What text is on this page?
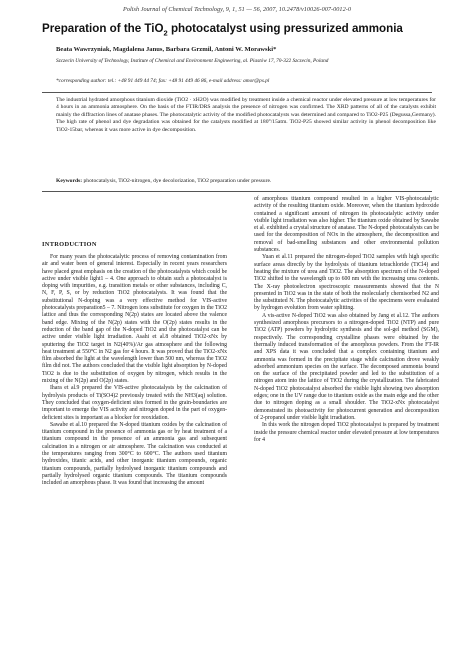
Polish Journal of Chemical Technology, 9, 1, 51 — 56, 2007, 10.2478/v10026-007-0012-0
Preparation of the TiO$_2$ photocatalyst using pressurized ammonia
Beata Wawrzyniak, Magdalena Janus, Barbara Grzmil, Antoni W. Morawski*
Szczecin University of Technology, Institute of Chemical and Environment Engineering, al. Piastów 17, 70-322 Szczecin, Poland
*corresponding author: tel.: +48 91 449 44 74; fax: +48 91 449 46 86, e-mail address: amor@ps.pl
The industrial hydrated amorphous titanium dioxide (TiO2 · xH2O) was modified by treatment inside a chemical reactor under elevated pressure at low temperatures for 4 hours in an ammonia atmosphere. On the basis of the FTIR/DRS analysis the presence of nitrogen was confirmed. The XRD patterns of all of the catalysts exhibit mainly the diffraction lines of anatase phases. The photocatalytic activity of the modified photocatalysts was determined and compared to TiO2-P25 (Degussa,Germany). The high rate of phenol and dye degradation was obtained for the catalysts modified at 180°/15atm. TiO2-P25 showed similar activity in phenol decomposition like TiO2-15bar, whereas it was more active in dye decomposition.
Keywords: photocatalysis, TiO2-nitrogen, dye decolorization, TiO2 preparation under pressure.
INTRODUCTION

For many years the photocatalytic process of removing contamination from air and water been of general interest. Especially in recent years researchers have placed great emphasis on the creation of the photocatalysts which could be active under visible light1 – 4. One approach to obtain such a photocatalyst is doping with impurities, e.g. transition metals or other substances, including C, N, F, P, S, or by reduction TiO2 photocatalysts. It was found that the substitutional N-doping was a very effective method for VIS-active photocatalysts preparation5 – 7. Nitrogen ions substitute for oxygen in the TiO2 lattice and thus the corresponding N(2p) states are located above the valence band edge. Mixing of the N(2p) states with the O(2p) states results in the reduction of the band gap of the N-doped TiO2 and the photocatalyst can be active under visible light irradiation. Asahi et al.8 obtained TiO2-xNx by sputtering the TiO2 target in N2(40%)/Ar gas atmosphere and the following heat treatment at 550°C in N2 gas for 4 hours. It was proved that the TiO2-xNx film absorbed the light at the wavelength lower than 500 nm, whereas the TiO2 film did not. The authors concluded that the visible light absorption by N-doped TiO2 is due to the substitution of oxygen by nitrogen, which results in the mixing of the N(2p) and O(2p) states.

Ihara et al.9 prepared the VIS-active photocatalysts by the calcination of hydrolysis products of Ti(SO4)2 previously treated with the NH3(aq) solution. They concluded that oxygen-deficient sites formed in the grain-boundaries are important to emerge the VIS activity and nitrogen doped in the part of oxygen-deficient sites is important as a blocker for reoxidation.

Sawabe et al.10 prepared the N-doped titanium oxides by the calcination of titanium compound in the presence of ammonia gas or by heat treatment of a titanium compound in the presence of an ammonia gas and subsequent calcination in a nitrogen or air atmosphere. The calcination was conducted at the temperatures ranging from 300°C to 600°C. The authors used titanium hydroxides, titanic acids, and other inorganic titanium compounds, organic titanium compounds, partially hydrolysed inorganic titanium compounds and partially hydrolysed organic titanium compounds. The titanium compounds included an amorphous phase. It was found that increasing the amount

of amorphous titanium compound resulted in a higher VIS-photocatalytic activity of the resulting titanium oxide. Moreover, when the titanium hydroxide contained a significant amount of nitrogen its photocatalytic activity under visible light irradiation was also higher. The titanium oxide obtained by Sawabe et al. exhibited a crystal structure of anatase. The N-doped photocatalysts can be used for the decomposition of NOx in the atmosphere, the decomposition and removal of bad-smelling substances and other environmental pollution substances.

Yuan et al.11 prepared the nitrogen-doped TiO2 samples with high specific surface areas directly by the hydrolysis of titanium tetrachloride (TiCl4) and heating the mixture of urea and TiO2. The absorption spectrum of the N-doped TiO2 shifted to the wavelength up to 600 nm with the increasing urea contents. The X-ray photoelectron spectroscopic measurements showed that the N presented in TiO2 was in the state of both the molecularly chemisorbed N2 and the substituted N. The photocatalytic activities of the specimens were evaluated by hydrogen evolution from water splitting.

A vis-active N-doped TiO2 was also obtained by Jang et al.12. The authors synthesized amorphous precursors to a nitrogen-doped TiO2 (NTP) and pure TiO2 (ATP) powders by hydrolytic synthesis and the sol-gel method (SGM), respectively. The corresponding crystalline phases were obtained by the thermally induced transformation of the amorphous powders. From the FT-IR and XPS data it was concluded that a complex containing titanium and ammonia was formed in the precipitate stage while calcination drove weakly adsorbed ammonium species on the surface. The decomposed ammonia bound on the surface of the precipitated powder and led to the substitution of a nitrogen atom into the lattice of TiO2 during the crystallization. The fabricated N-doped TiO2 photocatalyst absorbed the visible light showing two absorption edges; one in the UV range due to titanium oxide as the main edge and the other due to nitrogen doping as a small shoulder. The TiO2-xNx photocatalyst demonstrated its photoactivity for photocurrent generation and decomposition of 2-propanol under visible light irradiation.

In this work the nitrogen doped TiO2 photocatalyst is prepared by treatment inside the pressure chemical reactor under elevated pressure at low temperatures for 4
